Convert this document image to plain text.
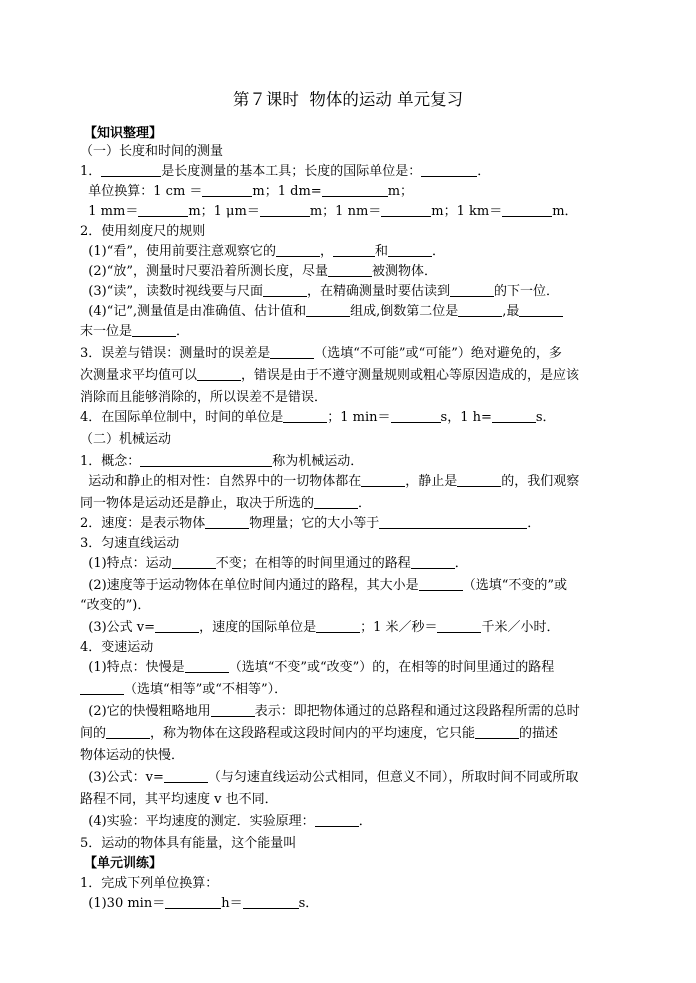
第７课时  物体的运动 单元复习
【知识整理】
（一）长度和时间的测量
1．	是长度测量的基本工具；长度的国际单位是：	．
单位换算：1 cm ＝	m；1 dm=	m；
1 mm＝	m；1 μm＝	m；1 nm＝	m；1 km＝	m．
2．使用刻度尺的规则
(1)“看”，使用前要注意观察它的	，	和	．
(2)“放”，测量时尺要沿着所测长度，尽量	被测物体．
(3)“读”，读数时视线要与尺面	，在精确测量时要估读到	的下一位．
(4)“记”,测量值是由准确值、估计值和	组成,倒数第二位是	,最
末一位是	．
3．误差与错误：测量时的误差是	（选填“不可能”或“可能”）绝对避免的，多
次测量求平均值可以	，错误是由于不遵守测量规则或粗心等原因造成的，是应该
消除而且能够消除的，所以误差不是错误．
4．在国际单位制中，时间的单位是	；1 min＝	s，1 h=	s．
（二）机械运动
1．概念：	称为机械运动．
运动和静止的相对性：自然界中的一切物体都在	，静止是	的，我们观察
同一物体是运动还是静止，取决于所选的	．
2．速度：是表示物体	物理量；它的大小等于	．
3．匀速直线运动
(1)特点：运动	不变；在相等的时间里通过的路程	．
(2)速度等于运动物体在单位时间内通过的路程，其大小是	（选填“不变的”或
“改变的”)．
(3)公式 v=	，速度的国际单位是	；1 米／秒＝	千米／小时．
4．变速运动
(1)特点：快慢是	（选填“不变”或“改变”）的，在相等的时间里通过的路程
（选填“相等”或“不相等”）．
(2)它的快慢粗略地用	表示：即把物体通过的总路程和通过这段路程所需的总时
间的	，称为物体在这段路程或这段时间内的平均速度，它只能	的描述
物体运动的快慢．
(3)公式：v=	（与匀速直线运动公式相同，但意义不同），所取时间不同或所取
路程不同，其平均速度 v 也不同．
(4)实验：平均速度的测定．实验原理：	．
5．运动的物体具有能量，这个能量叫
【单元训练】
1．完成下列单位换算：
(1)30 min＝	h＝	s．
